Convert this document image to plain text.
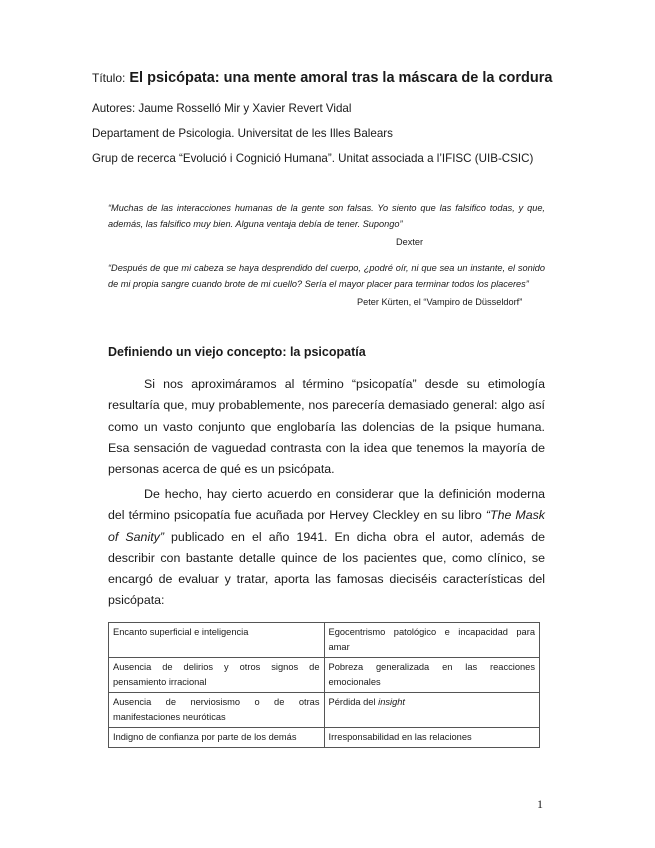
Título: El psicópata: una mente amoral tras la máscara de la cordura
Autores: Jaume Rosselló Mir y Xavier Revert Vidal
Departament de Psicologia. Universitat de les Illes Balears
Grup de recerca “Evolució i Cognició Humana”. Unitat associada a l’IFISC (UIB-CSIC)
“Muchas de las interacciones humanas de la gente son falsas. Yo siento que las falsifico todas, y que, además, las falsifico muy bien. Alguna ventaja debía de tener. Supongo”
Dexter
“Después de que mi cabeza se haya desprendido del cuerpo, ¿podré oír, ni que sea un instante, el sonido de mi propia sangre cuando brote de mi cuello? Sería el mayor placer para terminar todos los placeres”
Peter Kürten, el “Vampiro de Düsseldorf”
Definiendo un viejo concepto: la psicopatía

Si nos aproximáramos al término “psicopatía” desde su etimología resultaría que, muy probablemente, nos parecería demasiado general: algo así como un vasto conjunto que englobaría las dolencias de la psique humana. Esa sensación de vaguedad contrasta con la idea que tenemos la mayoría de personas acerca de qué es un psicópata.

De hecho, hay cierto acuerdo en considerar que la definición moderna del término psicopatía fue acuñada por Hervey Cleckley en su libro “The Mask of Sanity” publicado en el año 1941. En dicha obra el autor, además de describir con bastante detalle quince de los pacientes que, como clínico, se encargó de evaluar y tratar, aporta las famosas dieciséis características del psicópata:

Encanto superficial e inteligencia	Egocentrismo patológico e incapacidad para amar
Ausencia de delirios y otros signos de pensamiento irracional	Pobreza generalizada en las reacciones emocionales
Ausencia de nerviosismo o de otras manifestaciones neuróticas	Pérdida del insight
Indigno de confianza por parte de los demás	Irresponsabilidad en las relaciones
1
